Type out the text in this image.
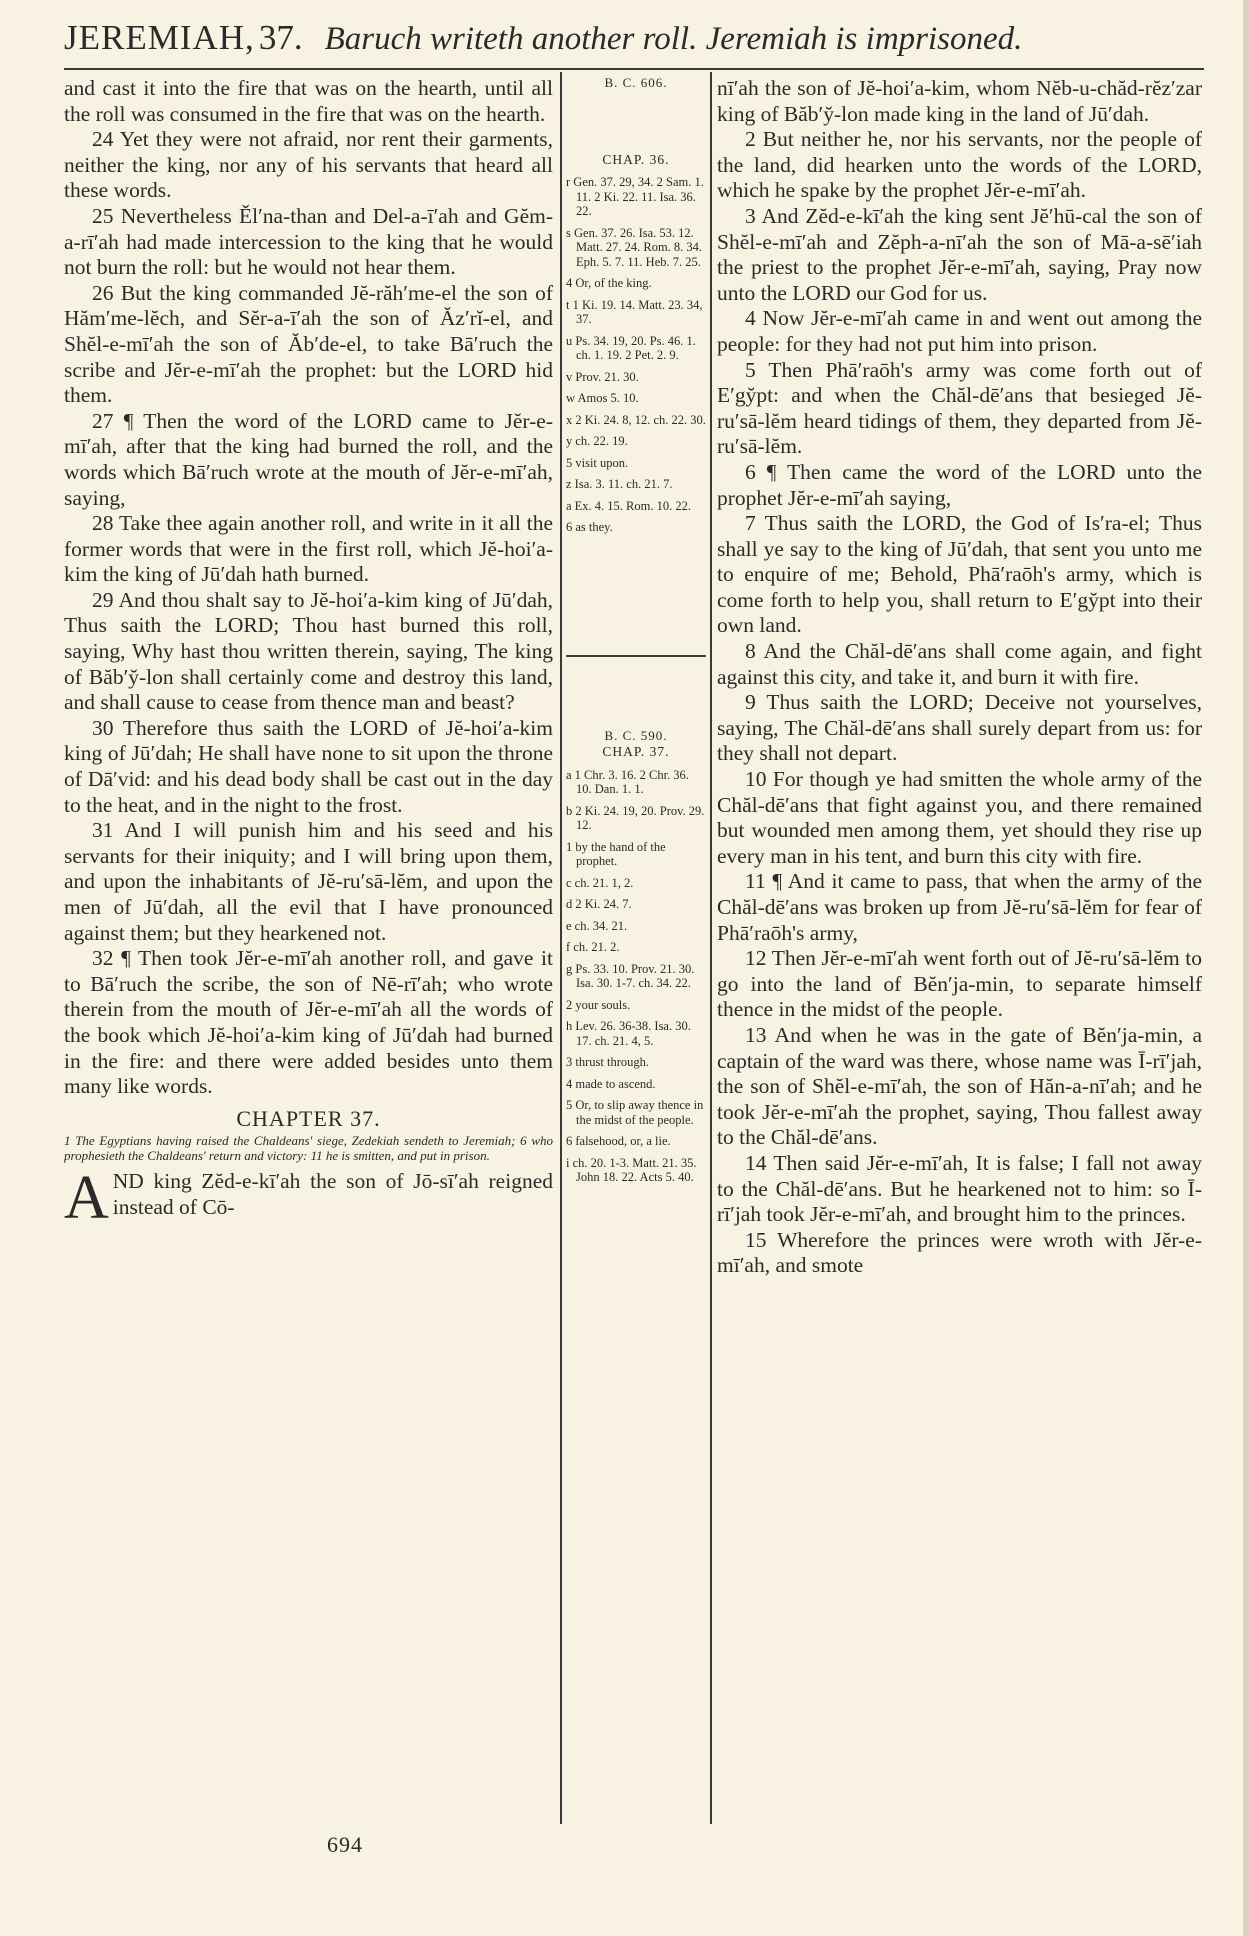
JEREMIAH, 37. Baruch writeth another roll. Jeremiah is imprisoned.

and cast it into the fire that was on the hearth, until all the roll was consumed in the fire that was on the hearth.

24 Yet they were not afraid, nor rent their garments, neither the king, nor any of his servants that heard all these words.

25 Nevertheless Ěl′na-than and Del-a-ī′ah and Gĕm-a-rī′ah had made intercession to the king that he would not burn the roll: but he would not hear them.

26 But the king commanded Jĕ-răh′me-el the son of Hăm′me-lĕch, and Sĕr-a-ī′ah the son of Ăz′rĭ-el, and Shĕl-e-mī′ah the son of Ăb′de-el, to take Bā′ruch the scribe and Jĕr-e-mī′ah the prophet: but the LORD hid them.

27 ¶ Then the word of the LORD came to Jĕr-e-mī′ah, after that the king had burned the roll, and the words which Bā′ruch wrote at the mouth of Jĕr-e-mī′ah, saying,

28 Take thee again another roll, and write in it all the former words that were in the first roll, which Jĕ-hoi′a-kim the king of Jū′dah hath burned.

29 And thou shalt say to Jĕ-hoi′a-kim king of Jū′dah, Thus saith the LORD; Thou hast burned this roll, saying, Why hast thou written therein, saying, The king of Băb′y̆-lon shall certainly come and destroy this land, and shall cause to cease from thence man and beast?

30 Therefore thus saith the LORD of Jĕ-hoi′a-kim king of Jū′dah; He shall have none to sit upon the throne of Dā′vid: and his dead body shall be cast out in the day to the heat, and in the night to the frost.

31 And I will punish him and his seed and his servants for their iniquity; and I will bring upon them, and upon the inhabitants of Jĕ-ru′sā-lĕm, and upon the men of Jū′dah, all the evil that I have pronounced against them; but they hearkened not.

32 ¶ Then took Jĕr-e-mī′ah another roll, and gave it to Bā′ruch the scribe, the son of Nē-rī′ah; who wrote therein from the mouth of Jĕr-e-mī′ah all the words of the book which Jĕ-hoi′a-kim king of Jū′dah had burned in the fire: and there were added besides unto them many like words.

CHAPTER 37.
1 The Egyptians having raised the Chaldeans' siege, Zedekiah sendeth to Jeremiah; 6 who prophesieth the Chaldeans' return and victory: 11 he is smitten, and put in prison.

AND king Zĕd-e-kī′ah the son of Jō-sī′ah reigned instead of Cō-

B. C. 606.
CHAP. 36.
r Gen. 37. 29, 34. 2 Sam. 1. 11. 2 Ki. 22. 11. Isa. 36. 22.
s Gen. 37. 26. Isa. 53. 12. Matt. 27. 24. Rom. 8. 34. Eph. 5. 7. 11. Heb. 7. 25.
4 Or, of the king.
t 1 Ki. 19. 14. Matt. 23. 34, 37.
u Ps. 34. 19, 20. Ps. 46. 1. ch. 1. 19. 2 Pet. 2. 9.
v Prov. 21. 30.
w Amos 5. 10.
x 2 Ki. 24. 8, 12. ch. 22. 30.
y ch. 22. 19.
5 visit upon.
z Isa. 3. 11. ch. 21. 7.
a Ex. 4. 15. Rom. 10. 22.
6 as they.
B. C. 590.
CHAP. 37.
a 1 Chr. 3. 16. 2 Chr. 36. 10. Dan. 1. 1.
b 2 Ki. 24. 19, 20. Prov. 29. 12.
1 by the hand of the prophet.
c ch. 21. 1, 2.
d 2 Ki. 24. 7.
e ch. 34. 21.
f ch. 21. 2.
g Ps. 33. 10. Prov. 21. 30. Isa. 30. 1-7. ch. 34. 22.
2 your souls.
h Lev. 26. 36-38. Isa. 30. 17. ch. 21. 4, 5.
3 thrust through.
4 made to ascend.
5 Or, to slip away thence in the midst of the people.
6 falsehood, or, a lie.
i ch. 20. 1-3. Matt. 21. 35. John 18. 22. Acts 5. 40.

nī′ah the son of Jĕ-hoi′a-kim, whom Nĕb-u-chăd-rĕz′zar king of Băb′y̆-lon made king in the land of Jū′dah.

2 But neither he, nor his servants, nor the people of the land, did hearken unto the words of the LORD, which he spake by the prophet Jĕr-e-mī′ah.

3 And Zĕd-e-kī′ah the king sent Jĕ′hū-cal the son of Shĕl-e-mī′ah and Zĕph-a-nī′ah the son of Mā-a-sē′iah the priest to the prophet Jĕr-e-mī′ah, saying, Pray now unto the LORD our God for us.

4 Now Jĕr-e-mī′ah came in and went out among the people: for they had not put him into prison.

5 Then Phā′raōh's army was come forth out of E′gy̆pt: and when the Chăl-dē′ans that besieged Jĕ-ru′sā-lĕm heard tidings of them, they departed from Jĕ-ru′sā-lĕm.

6 ¶ Then came the word of the LORD unto the prophet Jĕr-e-mī′ah saying,

7 Thus saith the LORD, the God of Is′ra-el; Thus shall ye say to the king of Jū′dah, that sent you unto me to enquire of me; Behold, Phā′raōh's army, which is come forth to help you, shall return to E′gy̆pt into their own land.

8 And the Chăl-dē′ans shall come again, and fight against this city, and take it, and burn it with fire.

9 Thus saith the LORD; Deceive not yourselves, saying, The Chăl-dē′ans shall surely depart from us: for they shall not depart.

10 For though ye had smitten the whole army of the Chăl-dē′ans that fight against you, and there remained but wounded men among them, yet should they rise up every man in his tent, and burn this city with fire.

11 ¶ And it came to pass, that when the army of the Chăl-dē′ans was broken up from Jĕ-ru′sā-lĕm for fear of Phā′raōh's army,

12 Then Jĕr-e-mī′ah went forth out of Jĕ-ru′sā-lĕm to go into the land of Bĕn′ja-min, to separate himself thence in the midst of the people.

13 And when he was in the gate of Bĕn′ja-min, a captain of the ward was there, whose name was Ī-rī′jah, the son of Shĕl-e-mī′ah, the son of Hăn-a-nī′ah; and he took Jĕr-e-mī′ah the prophet, saying, Thou fallest away to the Chăl-dē′ans.

14 Then said Jĕr-e-mī′ah, It is false; I fall not away to the Chăl-dē′ans. But he hearkened not to him: so Ī-rī′jah took Jĕr-e-mī′ah, and brought him to the princes.

15 Wherefore the princes were wroth with Jĕr-e-mī′ah, and smote

694
